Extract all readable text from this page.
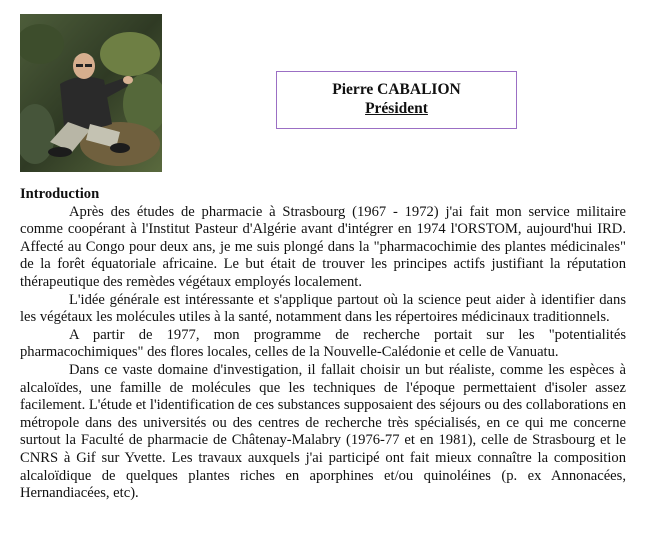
Pierre CABALION
Président

Introduction

Après des études de pharmacie à Strasbourg (1967 - 1972) j'ai fait mon service militaire comme coopérant à l'Institut Pasteur d'Algérie avant d'intégrer en 1974 l'ORSTOM, aujourd'hui IRD. Affecté au Congo pour deux ans, je me suis plongé dans la "pharmacochimie des plantes médicinales" de la forêt équatoriale africaine. Le but était de trouver les principes actifs justifiant la réputation thérapeutique des remèdes végétaux employés localement.

L'idée générale est intéressante et s'applique partout où la science peut aider à identifier dans les végétaux les molécules utiles à la santé, notamment dans les répertoires médicinaux traditionnels.

A partir de 1977, mon programme de recherche portait sur les "potentialités pharmacochimiques" des flores locales, celles de la Nouvelle-Calédonie et celle de Vanuatu.

Dans ce vaste domaine d'investigation, il fallait choisir un but réaliste, comme les espèces à alcaloïdes, une famille de molécules que les techniques de l'époque permettaient d'isoler assez facilement. L'étude et l'identification de ces substances supposaient des séjours ou des collaborations en métropole dans des universités ou des centres de recherche très spécialisés, en ce qui me concerne surtout la Faculté de pharmacie de Châtenay-Malabry (1976-77 et en 1981), celle de Strasbourg et le CNRS à Gif sur Yvette. Les travaux auxquels j'ai participé ont fait mieux connaître la composition alcaloïdique de quelques plantes riches en aporphines et/ou quinoléines (p. ex Annonacées, Hernandiacées, etc).
